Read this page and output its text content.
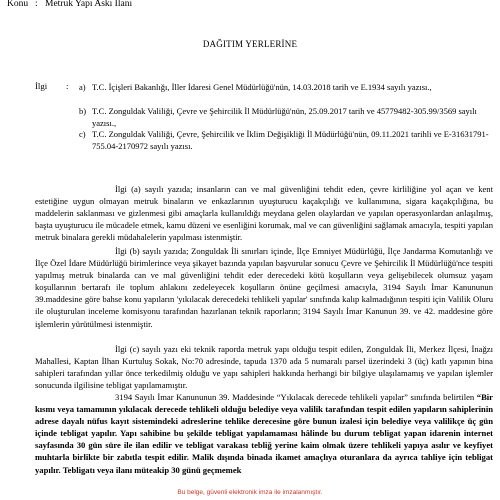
Konu : Metruk Yapı Askı İlanı
DAĞITIM YERLERİNE
İlgi : a) T.C. İçişleri Bakanlığı, İller İdaresi Genel Müdürlüğü'nün, 14.03.2018 tarih ve E.1934 sayılı yazısı.,
b) T.C. Zonguldak Valiliği, Çevre ve Şehircilik İl Müdürlüğü'nün, 25.09.2017 tarih ve 45779482-305.99/3569 sayılı yazısı.,
c) T.C. Zonguldak Valiliği, Çevre, Şehircilik ve İklim Değişikliği İl Müdürlüğü'nün, 09.11.2021 tarihli ve E-31631791-755.04-2170972 sayılı yazısı.
İlgi (a) sayılı yazıda; insanların can ve mal güvenliğini tehdit eden, çevre kirliliğine yol açan ve kent estetiğine uygun olmayan metruk binaların ve enkazlarının uyuşturucu kaçakçılığı ve kullanımına, sigara kaçakçılığına, bu maddelerin saklanması ve gizlenmesi gibi amaçlarla kullanıldığı meydana gelen olaylardan ve yapılan operasyonlardan anlaşılmış, başta uyuşturucu ile mücadele etmek, kamu düzeni ve esenliğini korumak, mal ve can güvenliğini sağlamak amacıyla, tespiti yapılan metruk binalara gerekli müdahalelerin yapılması istenmiştir.
İlgi (b) sayılı yazıda; Zonguldak İli sınırları içinde, İlçe Emniyet Müdürlüğü, İlçe Jandarma Komutanlığı ve İlçe Özel İdare Müdürlüğü birimlerince veya şikayet bazında yapılan başvurular sonucu Çevre ve Şehircilik İl Müdürlüğü'nce tespiti yapılmış metruk binalarda can ve mal güvenliğini tehdit eder derecedeki kötü koşulların veya gelişebilecek olumsuz yaşam koşullarının bertarafı ile toplum ahlakını zedeleyecek koşulların önüne geçilmesi amacıyla, 3194 Sayılı İmar Kanununun 39.maddesine göre bahse konu yapıların 'yıkılacak derecedeki tehlikeli yapılar' sınıfında kalıp kalmadığının tespiti için Valilik Oluru ile oluşturulan inceleme komisyonu tarafından hazırlanan teknik raporların; 3194 Sayılı İmar Kanunun 39. ve 42. maddesine göre işlemlerin yürütülmesi istenmiştir.
İlgi (c) sayılı yazı eki teknik raporda metruk yapı olduğu tespit edilen, Zonguldak İli, Merkez İlçesi, İnağzı Mahallesi, Kaptan İlhan Kurtuluş Sokak, No:70 adresinde, tapuda 1370 ada 5 numaralı parsel üzerindeki 3 (üç) katlı yapının bina sahipleri tarafından yıllar önce terkedilmiş olduğu ve yapı sahipleri hakkında herhangi bir bilgiye ulaşılamamış ve yapılan işlemler sonucunda ilgilisine tebligat yapılamamıştır.
3194 Sayılı İmar Kanununun 39. Maddesinde “Yıkılacak derecede tehlikeli yapılar” sınıfında belirtilen “Bir kısmı veya tamamının yıkılacak derecede tehlikeli olduğu belediye veya valilik tarafından tespit edilen yapıların sahiplerinin adrese dayalı nüfus kayıt sistemindeki adreslerine tehlike derecesine göre bunun izalesi için belediye veya valilikçe üç gün içinde tebligat yapılır. Yapı sahibine bu şekilde tebligat yapılamaması hâlinde bu durum tebligat yapan idarenin internet sayfasında 30 gün süre ile ilan edilir ve tebligat varakası tebliğ yerine kaim olmak üzere tehlikeli yapıya asılır ve keyfiyet muhtarla birlikte bir zabıtla tespit edilir. Malik dışında binada ikamet amaçlıya oturanlara da ayrıca tahliye için tebligat yapılır. Tebligatı veya ilanı müteakip 30 günü geçmemek
Bu belge, güvenli elektronik imza ile imzalanmıştır.
